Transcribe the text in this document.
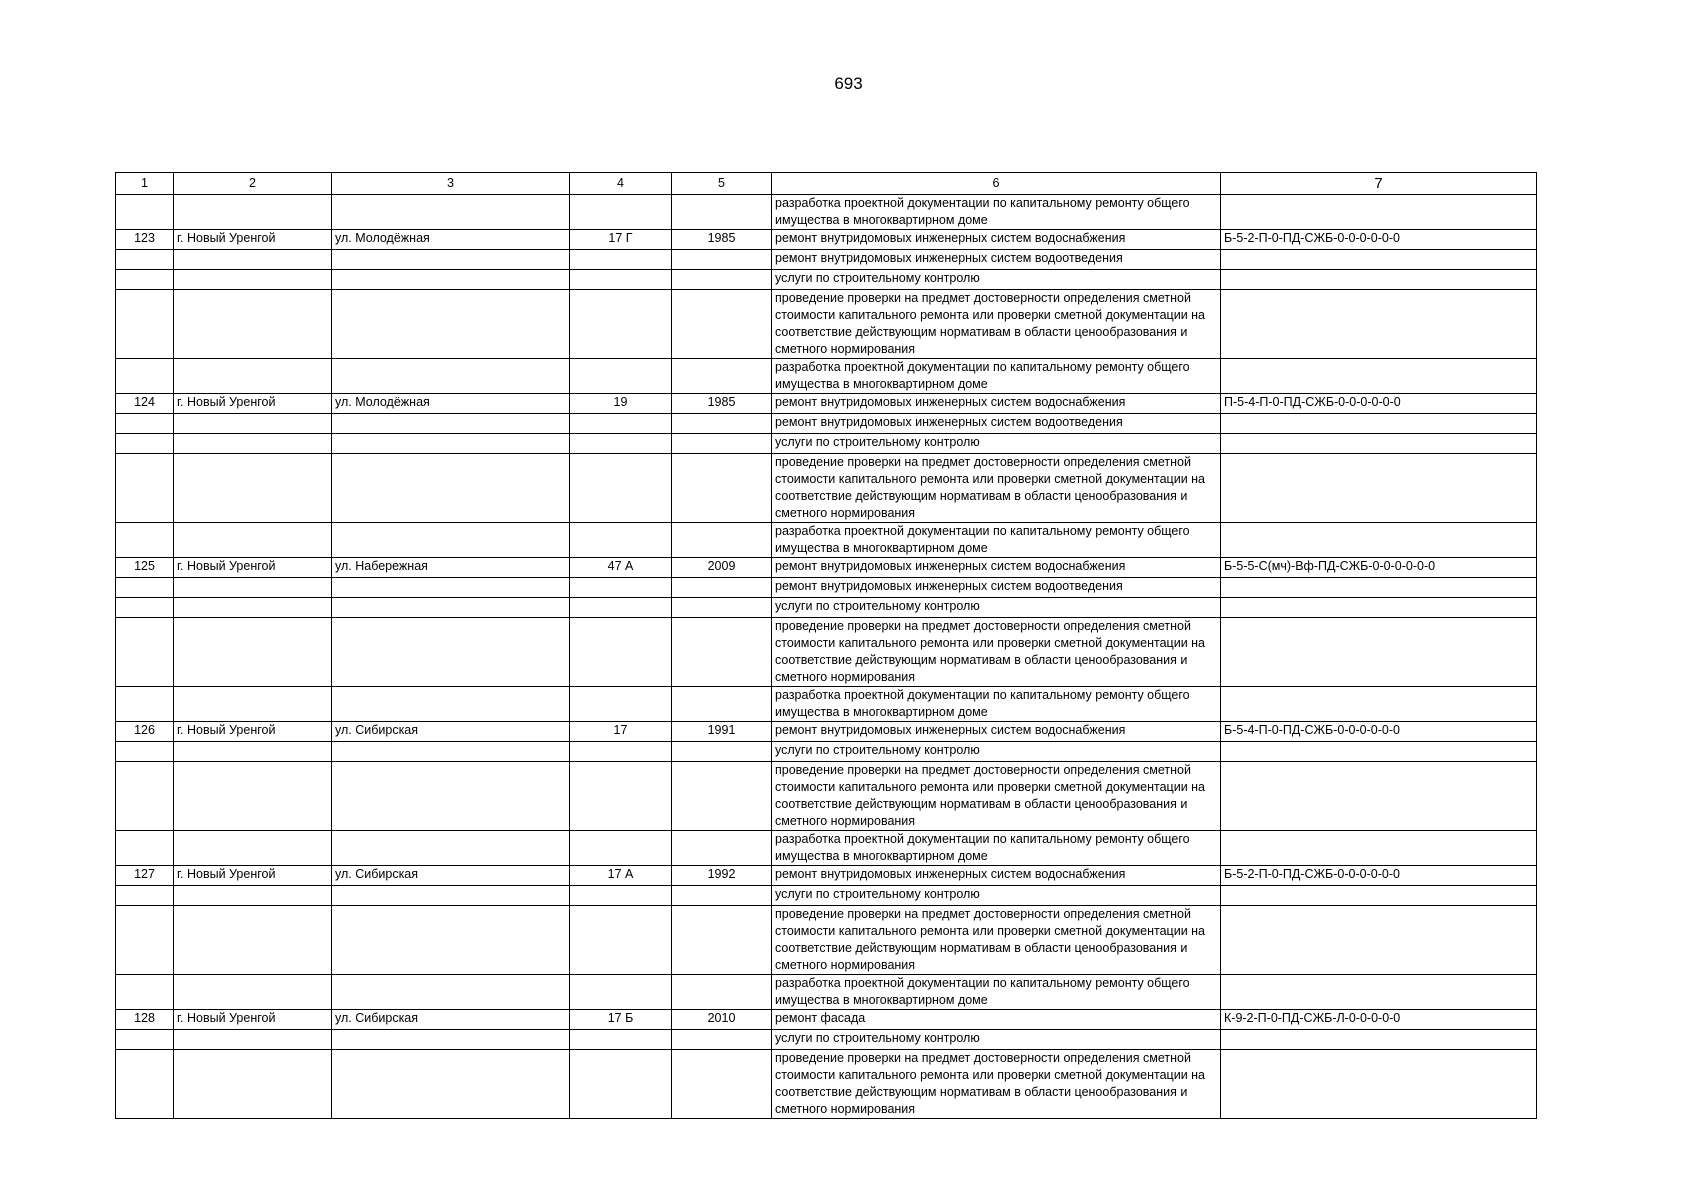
693
1	2	3	4	5	6	7
					разработка проектной документации по капитальному ремонту общего имущества в многоквартирном доме	
123	г. Новый Уренгой	ул. Молодёжная	17 Г	1985	ремонт внутридомовых инженерных систем водоснабжения	Б-5-2-П-0-ПД-СЖБ-0-0-0-0-0-0
					ремонт внутридомовых инженерных систем водоотведения	
					услуги по строительному контролю	
					проведение проверки на предмет достоверности определения сметной стоимости капитального ремонта или проверки сметной документации на соответствие действующим нормативам в области ценообразования и сметного нормирования	
					разработка проектной документации по капитальному ремонту общего имущества в многоквартирном доме	
124	г. Новый Уренгой	ул. Молодёжная	19	1985	ремонт внутридомовых инженерных систем водоснабжения	П-5-4-П-0-ПД-СЖБ-0-0-0-0-0-0
					ремонт внутридомовых инженерных систем водоотведения	
					услуги по строительному контролю	
					проведение проверки на предмет достоверности определения сметной стоимости капитального ремонта или проверки сметной документации на соответствие действующим нормативам в области ценообразования и сметного нормирования	
					разработка проектной документации по капитальному ремонту общего имущества в многоквартирном доме	
125	г. Новый Уренгой	ул. Набережная	47 А	2009	ремонт внутридомовых инженерных систем водоснабжения	Б-5-5-С(мч)-Вф-ПД-СЖБ-0-0-0-0-0-0
					ремонт внутридомовых инженерных систем водоотведения	
					услуги по строительному контролю	
					проведение проверки на предмет достоверности определения сметной стоимости капитального ремонта или проверки сметной документации на соответствие действующим нормативам в области ценообразования и сметного нормирования	
					разработка проектной документации по капитальному ремонту общего имущества в многоквартирном доме	
126	г. Новый Уренгой	ул. Сибирская	17	1991	ремонт внутридомовых инженерных систем водоснабжения	Б-5-4-П-0-ПД-СЖБ-0-0-0-0-0-0
					услуги по строительному контролю	
					проведение проверки на предмет достоверности определения сметной стоимости капитального ремонта или проверки сметной документации на соответствие действующим нормативам в области ценообразования и сметного нормирования	
					разработка проектной документации по капитальному ремонту общего имущества в многоквартирном доме	
127	г. Новый Уренгой	ул. Сибирская	17 А	1992	ремонт внутридомовых инженерных систем водоснабжения	Б-5-2-П-0-ПД-СЖБ-0-0-0-0-0-0
					услуги по строительному контролю	
					проведение проверки на предмет достоверности определения сметной стоимости капитального ремонта или проверки сметной документации на соответствие действующим нормативам в области ценообразования и сметного нормирования	
					разработка проектной документации по капитальному ремонту общего имущества в многоквартирном доме	
128	г. Новый Уренгой	ул. Сибирская	17 Б	2010	ремонт фасада	К-9-2-П-0-ПД-СЖБ-Л-0-0-0-0-0
					услуги по строительному контролю	
					проведение проверки на предмет достоверности определения сметной стоимости капитального ремонта или проверки сметной документации на соответствие действующим нормативам в области ценообразования и сметного нормирования	
